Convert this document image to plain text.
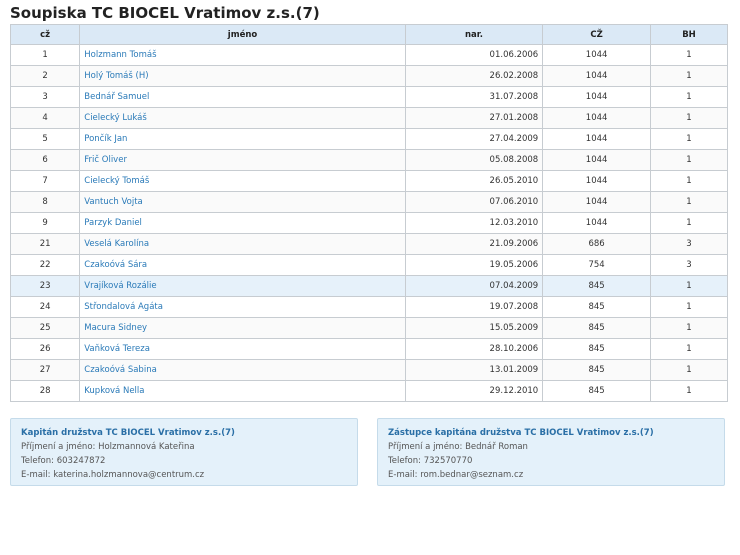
Soupiska TC BIOCEL Vratimov z.s.(7)
cž	jméno	nar.	CŽ	BH
1	Holzmann Tomáš	01.06.2006	1044	1
2	Holý Tomáš (H)	26.02.2008	1044	1
3	Bednář Samuel	31.07.2008	1044	1
4	Cielecký Lukáš	27.01.2008	1044	1
5	Pončík Jan	27.04.2009	1044	1
6	Frič Oliver	05.08.2008	1044	1
7	Cielecký Tomáš	26.05.2010	1044	1
8	Vantuch Vojta	07.06.2010	1044	1
9	Parzyk Daniel	12.03.2010	1044	1
21	Veselá Karolína	21.09.2006	686	3
22	Czakoóvá Sára	19.05.2006	754	3
23	Vrajíková Rozálie	07.04.2009	845	1
24	Střondalová Agáta	19.07.2008	845	1
25	Macura Sidney	15.05.2009	845	1
26	Vaňková Tereza	28.10.2006	845	1
27	Czakoóvá Sabina	13.01.2009	845	1
28	Kupková Nella	29.12.2010	845	1
Kapitán družstva TC BIOCEL Vratimov z.s.(7)
Příjmení a jméno: Holzmannová Kateřina
Telefon: 603247872
E-mail: katerina.holzmannova@centrum.cz
Zástupce kapitána družstva TC BIOCEL Vratimov z.s.(7)
Příjmení a jméno: Bednář Roman
Telefon: 732570770
E-mail: rom.bednar@seznam.cz
